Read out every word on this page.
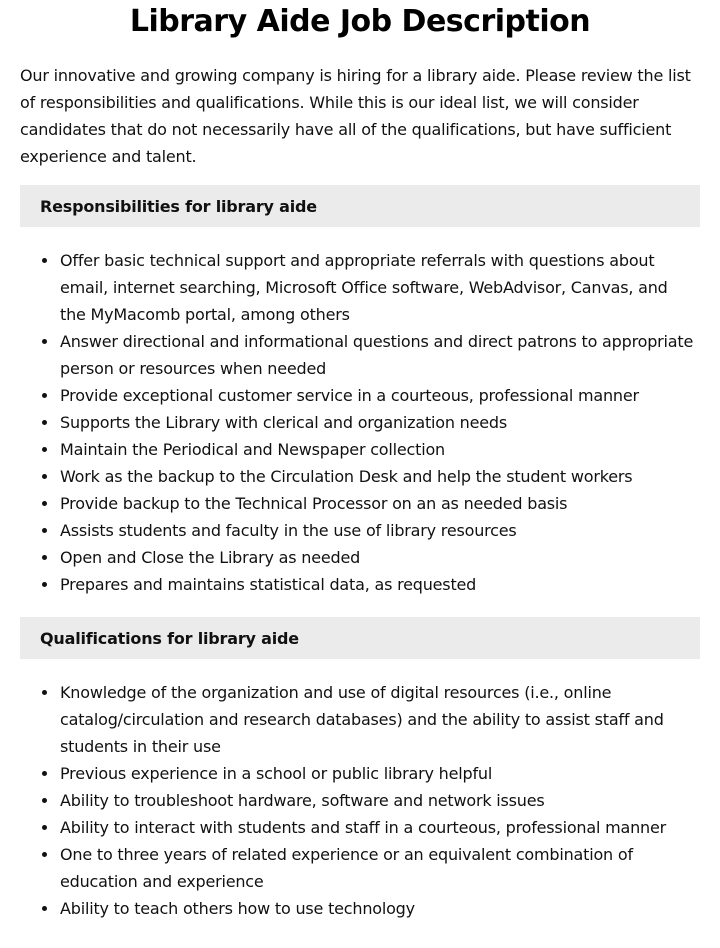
Library Aide Job Description

Our innovative and growing company is hiring for a library aide. Please review the list of responsibilities and qualifications. While this is our ideal list, we will consider candidates that do not necessarily have all of the qualifications, but have sufficient experience and talent.

Responsibilities for library aide
Offer basic technical support and appropriate referrals with questions about email, internet searching, Microsoft Office software, WebAdvisor, Canvas, and the MyMacomb portal, among others
Answer directional and informational questions and direct patrons to appropriate person or resources when needed
Provide exceptional customer service in a courteous, professional manner
Supports the Library with clerical and organization needs
Maintain the Periodical and Newspaper collection
Work as the backup to the Circulation Desk and help the student workers
Provide backup to the Technical Processor on an as needed basis
Assists students and faculty in the use of library resources
Open and Close the Library as needed
Prepares and maintains statistical data, as requested
Qualifications for library aide
Knowledge of the organization and use of digital resources (i.e., online catalog/circulation and research databases) and the ability to assist staff and students in their use
Previous experience in a school or public library helpful
Ability to troubleshoot hardware, software and network issues
Ability to interact with students and staff in a courteous, professional manner
One to three years of related experience or an equivalent combination of education and experience
Ability to teach others how to use technology
